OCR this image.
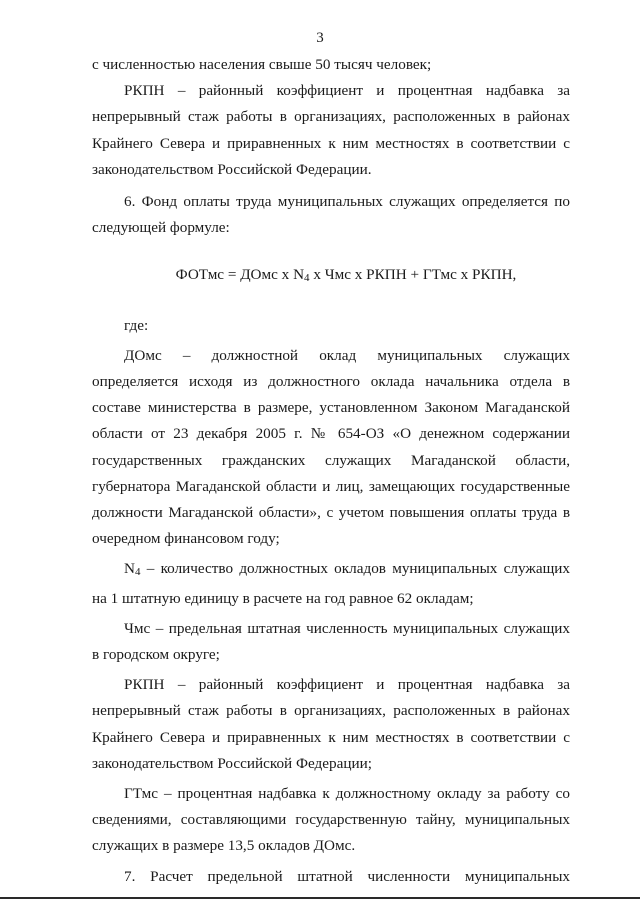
3

с численностью населения свыше 50 тысяч человек;

РКПН – районный коэффициент и процентная надбавка за непрерывный стаж работы в организациях, расположенных в районах Крайнего Севера и приравненных к ним местностях в соответствии с законодательством Российской Федерации.

6. Фонд оплаты труда муниципальных служащих определяется по следующей формуле:

ФОТмс = ДОмс х N4 х Чмс х РКПН + ГТмс х РКПН,

где:

ДОмс – должностной оклад муниципальных служащих определяется исходя из должностного оклада начальника отдела в составе министерства в размере, установленном Законом Магаданской области от 23 декабря 2005 г. № 654-ОЗ «О денежном содержании государственных гражданских служащих Магаданской области, губернатора Магаданской области и лиц, замещающих государственные должности Магаданской области», с учетом повышения оплаты труда в очередном финансовом году;

N4 – количество должностных окладов муниципальных служащих на 1 штатную единицу в расчете на год равное 62 окладам;

Чмс – предельная штатная численность муниципальных служащих в городском округе;

РКПН – районный коэффициент и процентная надбавка за непрерывный стаж работы в организациях, расположенных в районах Крайнего Севера и приравненных к ним местностях в соответствии с законодательством Российской Федерации;

ГТмс – процентная надбавка к должностному окладу за работу со сведениями, составляющими государственную тайну, муниципальных служащих в размере 13,5 окладов ДОмс.

7. Расчет предельной штатной численности муниципальных
